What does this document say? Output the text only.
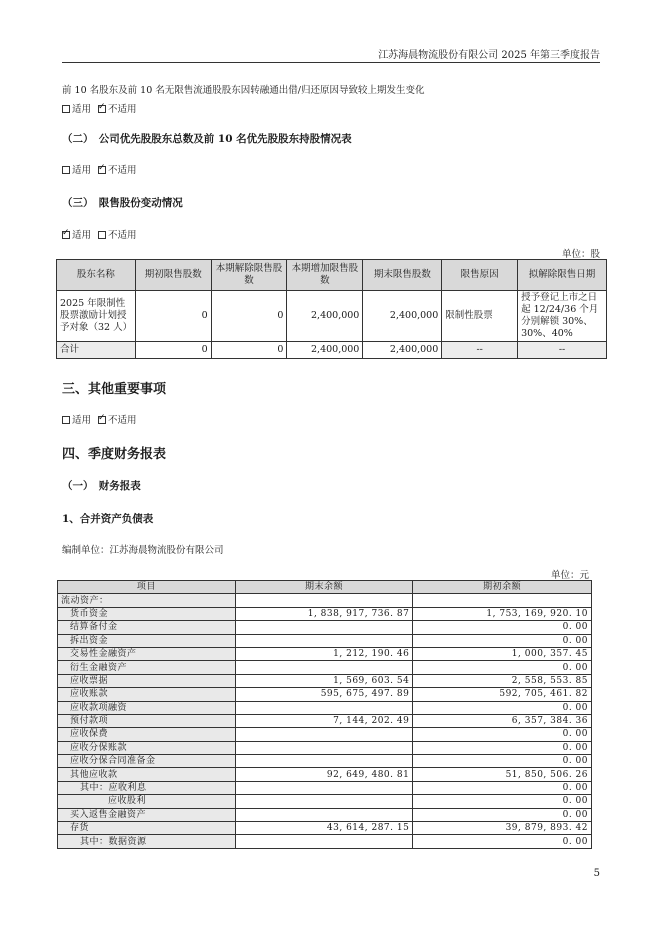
江苏海晨物流股份有限公司 2025 年第三季度报告
前 10 名股东及前 10 名无限售流通股股东因转融通出借/归还原因导致较上期发生变化
适用 ✓ 不适用
（二）　公司优先股股东总数及前 10 名优先股股东持股情况表
适用 ✓ 不适用
（三）　限售股份变动情况
✓适用 不适用
单位：股
股东名称	期初限售股数	本期解除限售股数	本期增加限售股数	期末限售股数	限售原因	拟解除限售日期
2025 年限制性股票激励计划授予对象（32 人）	0	0	2,400,000	2,400,000	限制性股票	授予登记上市之日起 12/24/36 个月分别解锁 30%、30%、40%
合计	0	0	2,400,000	2,400,000	--	--
三、其他重要事项
适用 ✓ 不适用
四、季度财务报表
（一）　财务报表
1、合并资产负债表
编制单位：江苏海晨物流股份有限公司
单位：元
项目	期末余额	期初余额
流动资产：		
货币资金	1, 838, 917, 736. 87	1, 753, 169, 920. 10
结算备付金		0. 00
拆出资金		0. 00
交易性金融资产	1, 212, 190. 46	1, 000, 357. 45
衍生金融资产		0. 00
应收票据	1, 569, 603. 54	2, 558, 553. 85
应收账款	595, 675, 497. 89	592, 705, 461. 82
应收款项融资		0. 00
预付款项	7, 144, 202. 49	6, 357, 384. 36
应收保费		0. 00
应收分保账款		0. 00
应收分保合同准备金		0. 00
其他应收款	92, 649, 480. 81	51, 850, 506. 26
其中：应收利息		0. 00
应收股利		0. 00
买入返售金融资产		0. 00
存货	43, 614, 287. 15	39, 879, 893. 42
其中：数据资源		0. 00
5
